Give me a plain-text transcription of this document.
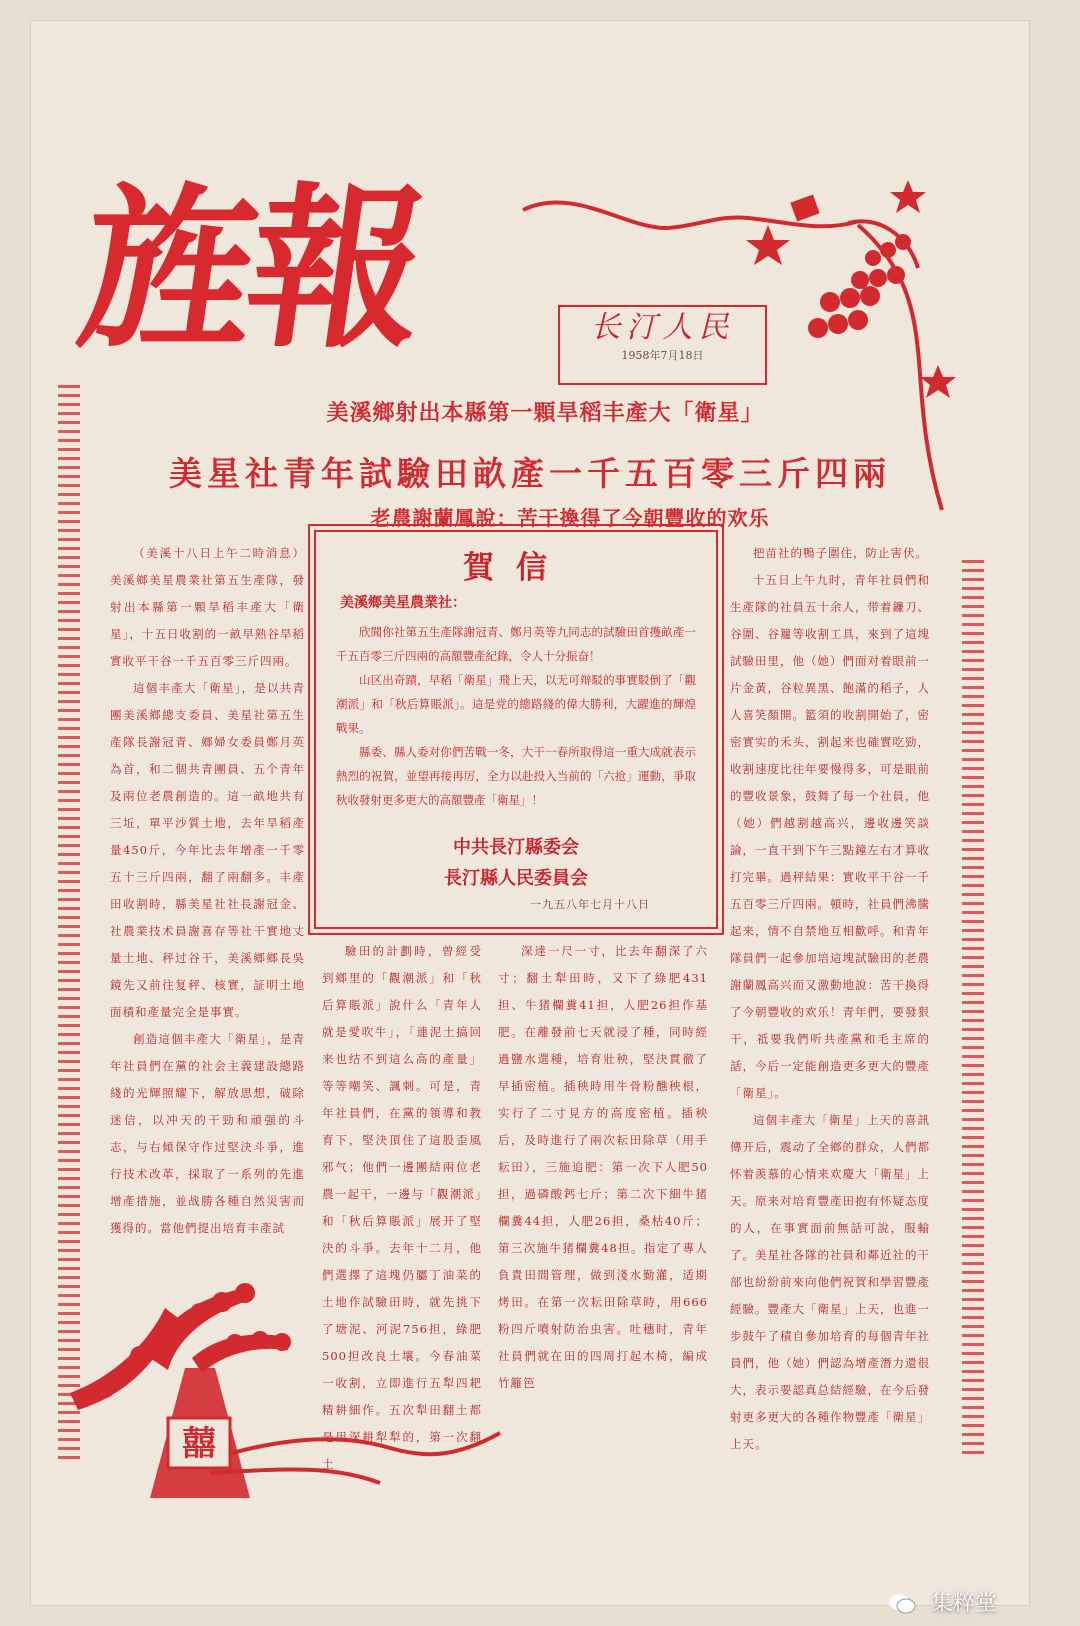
旌報	长汀人民
1958年7月18日
美溪鄉射出本縣第一顆旱稻丰產大「衛星」
美星社青年試驗田畝產一千五百零三斤四兩
老農謝蘭鳳說：苦干換得了今朝豐收的欢乐

（美溪十八日上午二時消息）美溪鄉美星農業社第五生產隊，發射出本縣第一顆旱稻丰產大「衛星」，十五日收割的一畝早熟谷旱稻實收平干谷一千五百零三斤四兩。

這個丰產大「衛星」，是以共青團美溪鄉總支委員、美星社第五生產隊長謝冠青、鄉婦女委員鄭月英為首，和二個共青團員、五个青年及兩位老農創造的。這一畝地共有三坵，單平沙質土地，去年旱稻產量450斤，今年比去年增產一千零五十三斤四兩，翻了兩翻多。丰產田收割時，縣美星社社長謝冠金、社農業技术員謝喜存等社干實地丈量土地、秤过谷干，美溪鄉鄉長吳鏡先又前往复秤、核實，証明土地面積和產量完全是事實。

創造這個丰產大「衛星」，是青年社員們在黨的社会主義建設總路綫的光輝照耀下，解放思想，破除迷信，以冲天的干勁和頑强的斗志，与右傾保守作过堅決斗爭，進行技术改革，採取了一系列的先進增產措施，並战勝各種自然災害而獲得的。當他們提出培育丰產試

賀信
美溪鄉美星農業社：

欣聞你社第五生產隊謝冠青、鄭月英等九同志的試驗田首擭畝產一千五百零三斤四兩的高額豐產紀錄，令人十分振奋！

山区出奇蹟，早稻「衛星」飛上天，以无可辩駁的事實駁倒了「觀潮派」和「秋后算賬派」。這是党的總路綫的偉大勝利，大躍進的輝煌戰果。

縣委、縣人委对你們苦戰一冬，大干一春所取得這一重大成就表示熱烈的祝賀，並望再接再厉，全力以赴投入当前的「六抢」運動，爭取秋收發射更多更大的高額豐產「衛星」！

中共長汀縣委会
長汀縣人民委員会
一九五八年七月十八日

驗田的計劃時，曾經受到鄉里的「觀潮派」和「秋后算賬派」說什么「青年人就是愛吹牛」，「連泥土搞回来也结不到這么高的產量」等等嘲笑、諷刺。可是，青年社員們，在黨的領導和教育下，堅決頂住了這股歪風邪气；他們一邊團結兩位老農一起干，一邊与「觀潮派」和「秋后算賬派」展开了堅決的斗爭。去年十二月，他們選擇了這塊仍屬丁油菜的土地作試驗田時，就先挑下了塘泥、河泥756担，綠肥500担改良土壤。今春油菜一收割，立即進行五犁四耙精耕細作。五次犁田翻土都是用深耕犁犁的，第一次翻土

深達一尺一寸，比去年翻深了六寸；翻土犁田時，又下了綠肥431担、牛猪欄糞41担，人肥26担作基肥。在離發前七天就浸了種，同時經過鹽水選種，培育壯秧，堅決貫徹了早插密植。插秧時用牛骨粉醮秧根，实行了二寸見方的高度密植。插秧后，及時進行了兩次耘田除草（用手耘田），三施追肥：第一次下人肥50担，過磷酸鈣七斤；第二次下細牛猪欄糞44担，人肥26担，桑枯40斤；第三次施牛猪欄糞48担。指定了專人負責田間管理，做到淺水勤灌，适期烤田。在第一次耘田除草時，用666粉四斤噴射防治虫害。吐穗时，青年社員們就在田的四周打起木椅，編成竹籬笆

把苗社的鴨子圍住，防止害伏。

十五日上午九时，青年社員們和生產隊的社員五十余人，带着鐮刀、谷圍、谷籮等收割工具，來到了這塊試驗田里，他（她）們面对着眼前一片金黃，谷粒異黑、飽滿的稻子，人人喜笑顏開。籃須的收割開始了，密密實实的禾头，割起来也確實吃勁，收割速度比往年要慢得多，可是眼前的豐收景象，鼓舞了每一个社員，他（她）們越割越高兴，邊收邊笑談論，一直干到下午三點鐘左右才算收打完畢。過秤結果：實收平干谷一千五百零三斤四兩。頓時，社員們沸騰起来，情不自禁地互相歡呼。和青年隊員們一起參加培這塊試驗田的老農謝蘭鳳高兴而又激動地說：苦干換得了今朝豐收的欢乐！青年們，要發狠干，祗要我們听共產黨和毛主席的話，今后一定能創造更多更大的豐產「衛星」。

這個丰產大「衛星」上天的喜訊傳开后，震动了全鄉的群众，人們都怀着羨慕的心情来欢慶大「衛星」上天。原来对培育豐產田抱有怀疑态度的人，在事實面前無話可說，服輸了。美星社各隊的社員和鄰近社的干部也紛紛前來向他們祝賀和學習豐產經驗。豐產大「衛星」上天，也進一步鼓午了積自參加培育的每個青年社員們，他（她）們認為增產潛力還很大，表示要認真总結經驗，在今后發射更多更大的各種作物豐產「衛星」上天。

囍
集粹堂
